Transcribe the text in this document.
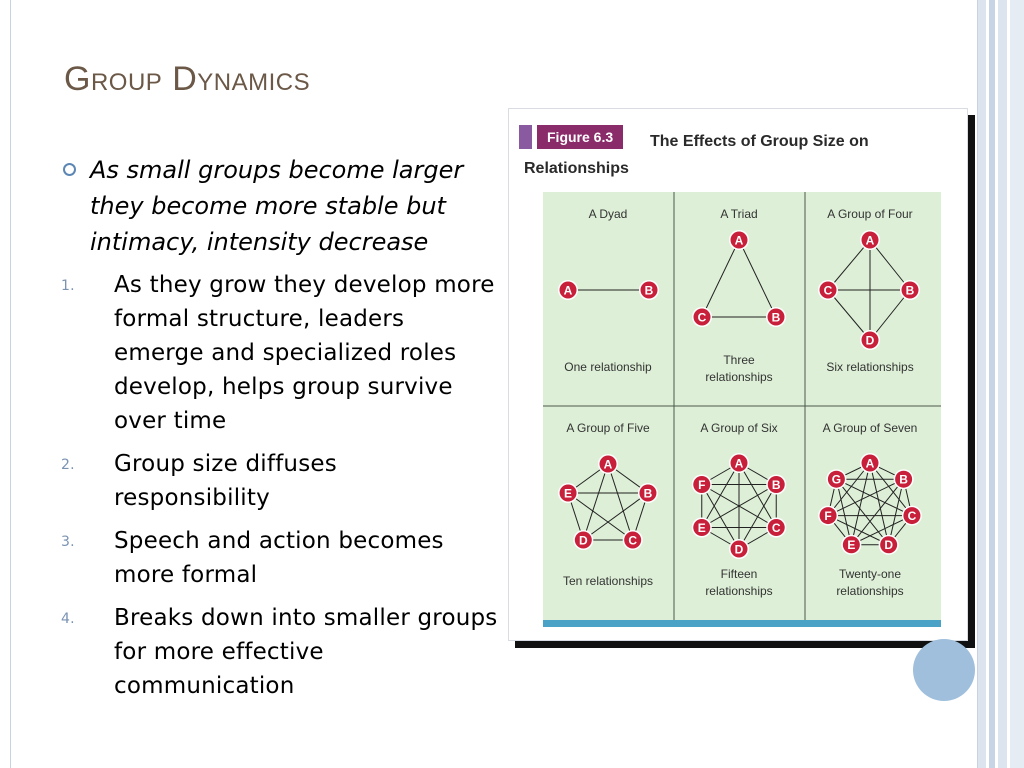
Group Dynamics
As small groups become larger they become more stable but intimacy, intensity decrease
1. As they grow they develop more formal structure, leaders emerge and specialized roles develop, helps group survive over time
2. Group size diffuses responsibility
3. Speech and action becomes more formal
4. Breaks down into smaller groups for more effective communication
Figure 6.3	The Effects of Group Size on
Relationships
A Dyad
A	B
One relationship
A Triad
A
B
C
Three
relationships
A Group of Four
A
B
D
C
Six relationships
A Group of Five
A
B
C
D
E
Ten relationships
A Group of Six
A
B
C
D
E
F
Fifteen
relationships
A Group of Seven
A
B
C
D
E
F
G
Twenty-one
relationships
